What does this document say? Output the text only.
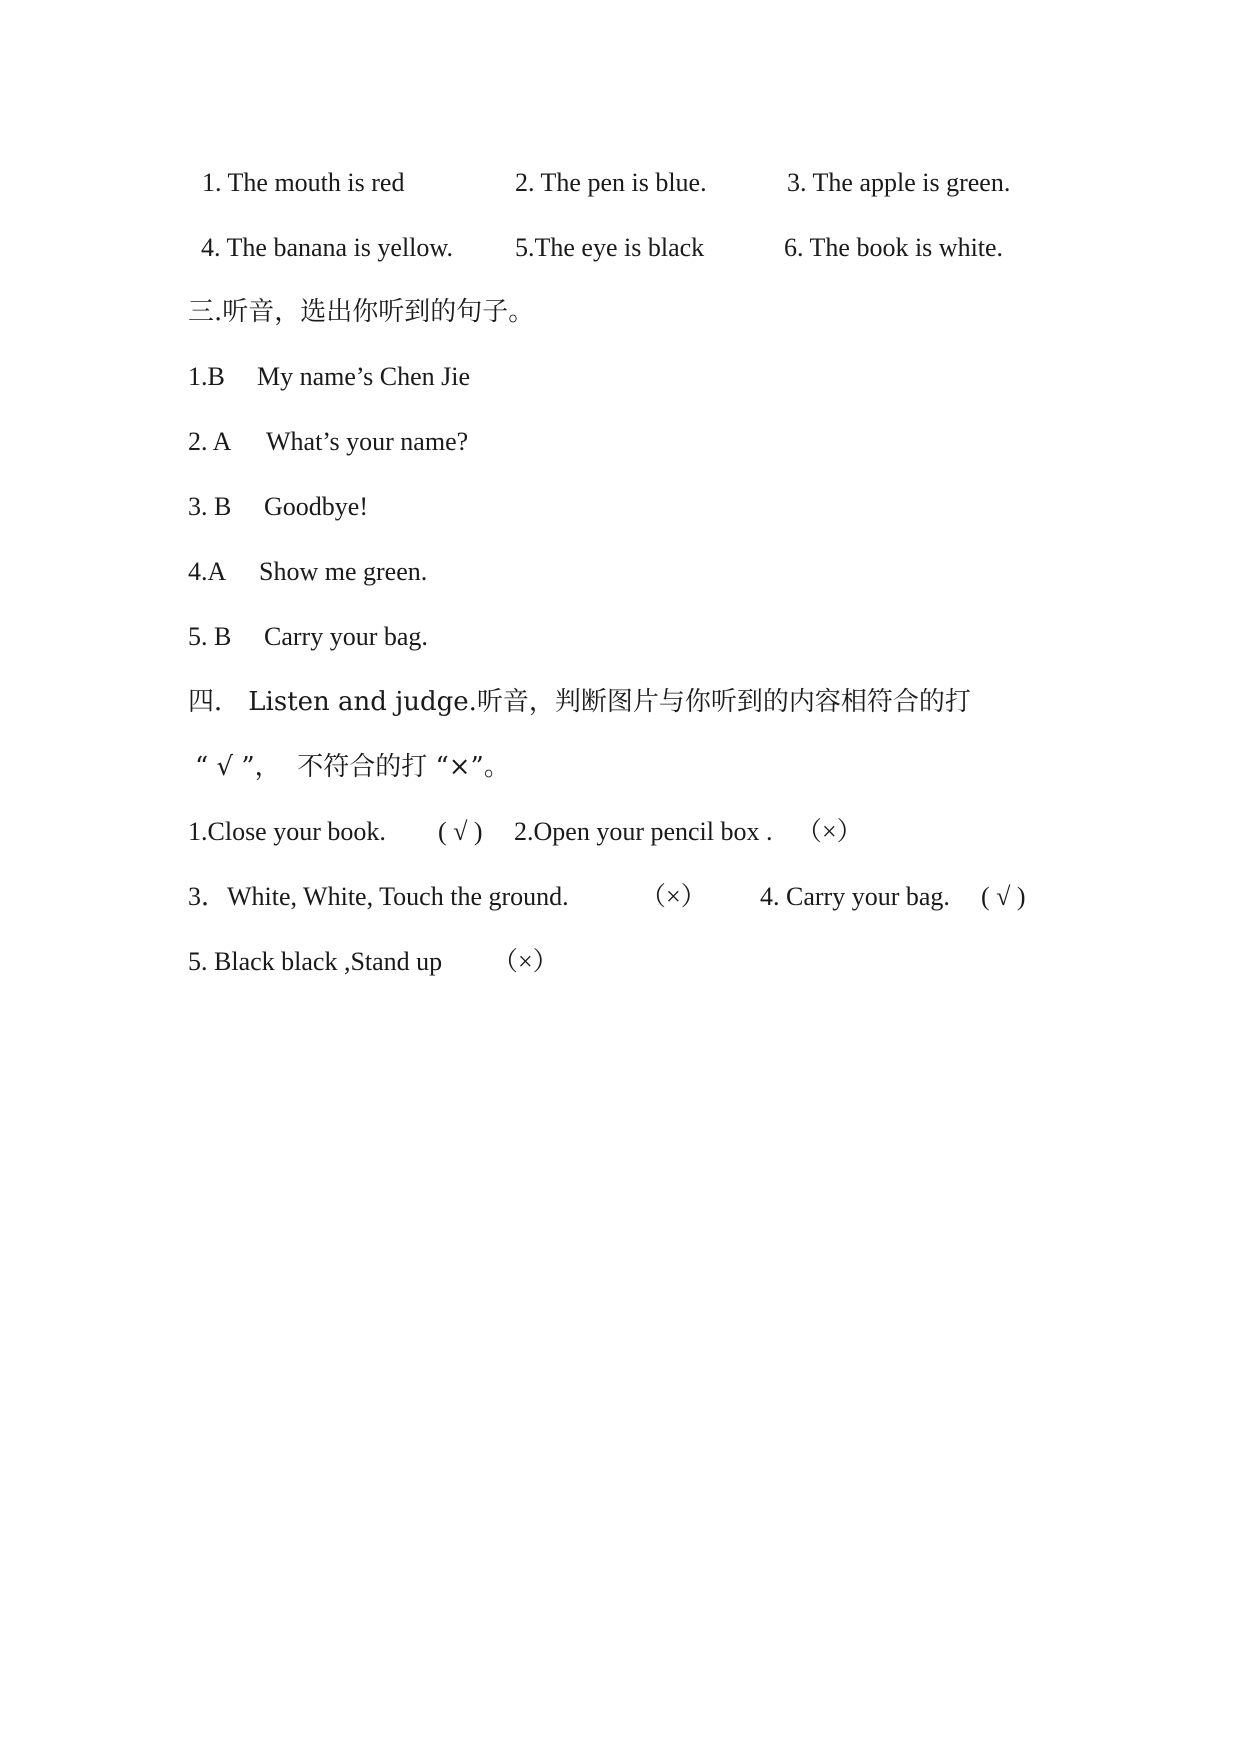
1. The mouth is red	2. The pen is blue.	3. The apple is green.
4. The banana is yellow. 5.The eye is black	6. The book is white.
三.听音，选出你听到的句子。
1.B My name’s Chen Jie
2. A What’s your name?
3. B Goodbye!
4.A Show me green.
5. B Carry your bag.
四． Listen and judge.听音，判断图片与你听到的内容相符合的打
“ √ ”，  不符合的打 “×”。
1.Close your book. ( √ ) 2.Open your pencil box . （×）
3．White, White, Touch the ground.	（×） 4. Carry your bag. ( √ )
5. Black black ,Stand up （×）
